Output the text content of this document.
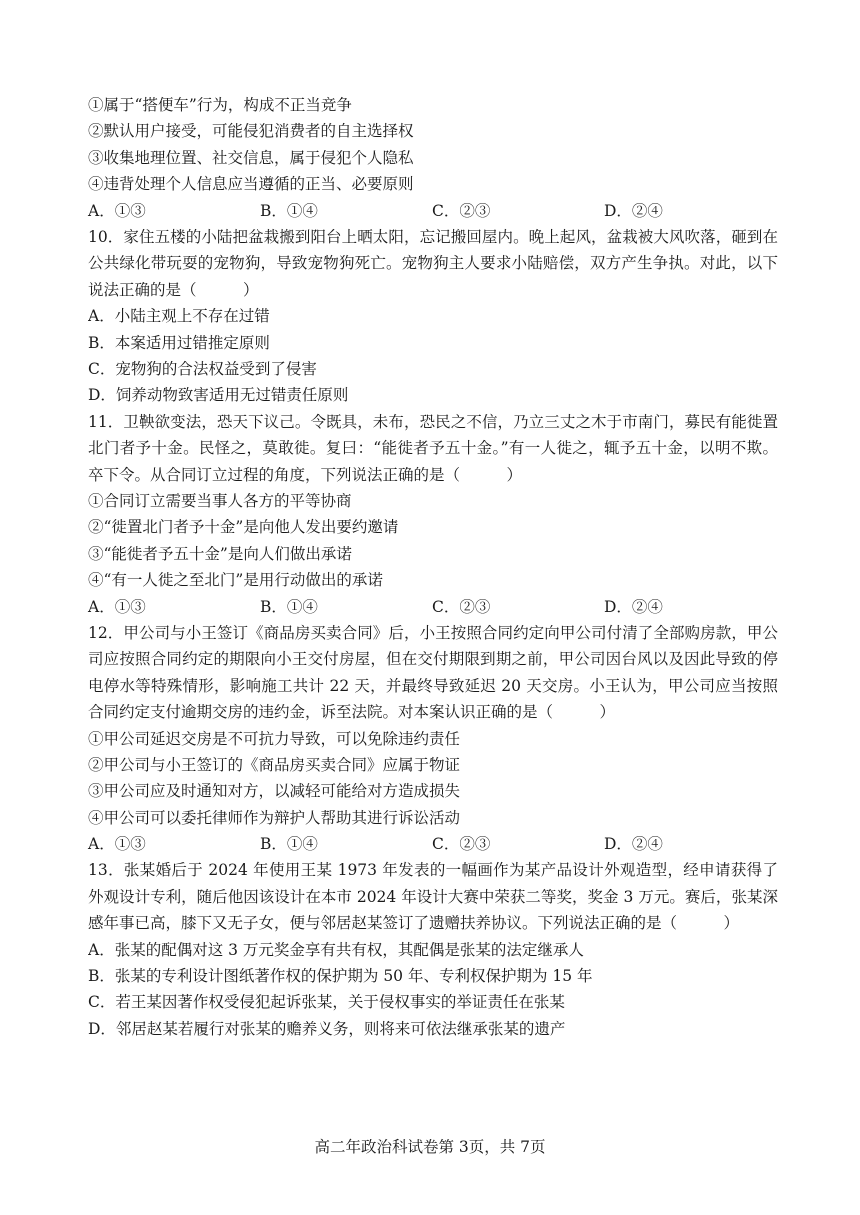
①属于“搭便车”行为，构成不正当竞争
②默认用户接受，可能侵犯消费者的自主选择权
③收集地理位置、社交信息，属于侵犯个人隐私
④违背处理个人信息应当遵循的正当、必要原则
A．①③	B．①④	C．②③	D．②④

10．家住五楼的小陆把盆栽搬到阳台上晒太阳，忘记搬回屋内。晚上起风，盆栽被大风吹落，砸到在公共绿化带玩耍的宠物狗，导致宠物狗死亡。宠物狗主人要求小陆赔偿，双方产生争执。对此，以下说法正确的是（　　　）

A．小陆主观上不存在过错
B．本案适用过错推定原则
C．宠物狗的合法权益受到了侵害
D．饲养动物致害适用无过错责任原则

11．卫鞅欲变法，恐天下议己。令既具，未布，恐民之不信，乃立三丈之木于市南门，募民有能徙置北门者予十金。民怪之，莫敢徙。复曰：“能徙者予五十金。”有一人徙之，辄予五十金，以明不欺。卒下令。从合同订立过程的角度，下列说法正确的是（　　　）

①合同订立需要当事人各方的平等协商
②“徙置北门者予十金”是向他人发出要约邀请
③“能徙者予五十金”是向人们做出承诺
④“有一人徙之至北门”是用行动做出的承诺
A．①③	B．①④	C．②③	D．②④

12．甲公司与小王签订《商品房买卖合同》后，小王按照合同约定向甲公司付清了全部购房款，甲公司应按照合同约定的期限向小王交付房屋，但在交付期限到期之前，甲公司因台风以及因此导致的停电停水等特殊情形，影响施工共计 22 天，并最终导致延迟 20 天交房。小王认为，甲公司应当按照合同约定支付逾期交房的违约金，诉至法院。对本案认识正确的是（　　　）

①甲公司延迟交房是不可抗力导致，可以免除违约责任
②甲公司与小王签订的《商品房买卖合同》应属于物证
③甲公司应及时通知对方，以减轻可能给对方造成损失
④甲公司可以委托律师作为辩护人帮助其进行诉讼活动
A．①③	B．①④	C．②③	D．②④

13．张某婚后于 2024 年使用王某 1973 年发表的一幅画作为某产品设计外观造型，经申请获得了外观设计专利，随后他因该设计在本市 2024 年设计大赛中荣获二等奖，奖金 3 万元。赛后，张某深感年事已高，膝下又无子女，便与邻居赵某签订了遗赠扶养协议。下列说法正确的是（　　　）

A．张某的配偶对这 3 万元奖金享有共有权，其配偶是张某的法定继承人
B．张某的专利设计图纸著作权的保护期为 50 年、专利权保护期为 15 年
C．若王某因著作权受侵犯起诉张某，关于侵权事实的举证责任在张某
D．邻居赵某若履行对张某的赡养义务，则将来可依法继承张某的遗产
高二年政治科试卷第 3页，共 7页
